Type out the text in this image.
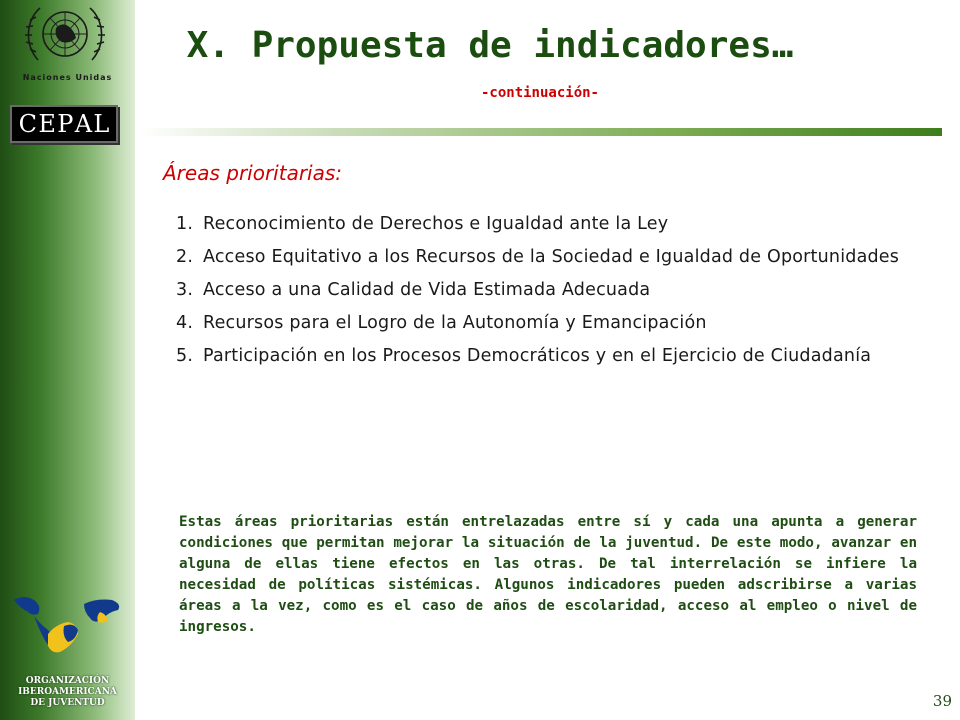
Naciones Unidas
C E P A L
ORGANIZACIÓN
IBEROAMERICANA
DE JUVENTUD
X. Propuesta de indicadores…
-continuación-
Áreas prioritarias:
1. Reconocimiento de Derechos e Igualdad ante la Ley
2. Acceso Equitativo a los Recursos de la Sociedad e Igualdad de Oportunidades
3. Acceso a una Calidad de Vida Estimada Adecuada
4. Recursos para el Logro de la Autonomía y Emancipación
5. Participación en los Procesos Democráticos y en el Ejercicio de Ciudadanía

Estas áreas prioritarias están entrelazadas entre sí y cada una apunta a generar condiciones que permitan mejorar la situación de la juventud. De este modo, avanzar en alguna de ellas tiene efectos en las otras. De tal interrelación se infiere la necesidad de políticas sistémicas. Algunos indicadores pueden adscribirse a varias áreas a la vez, como es el caso de años de escolaridad, acceso al empleo o nivel de ingresos.

39
